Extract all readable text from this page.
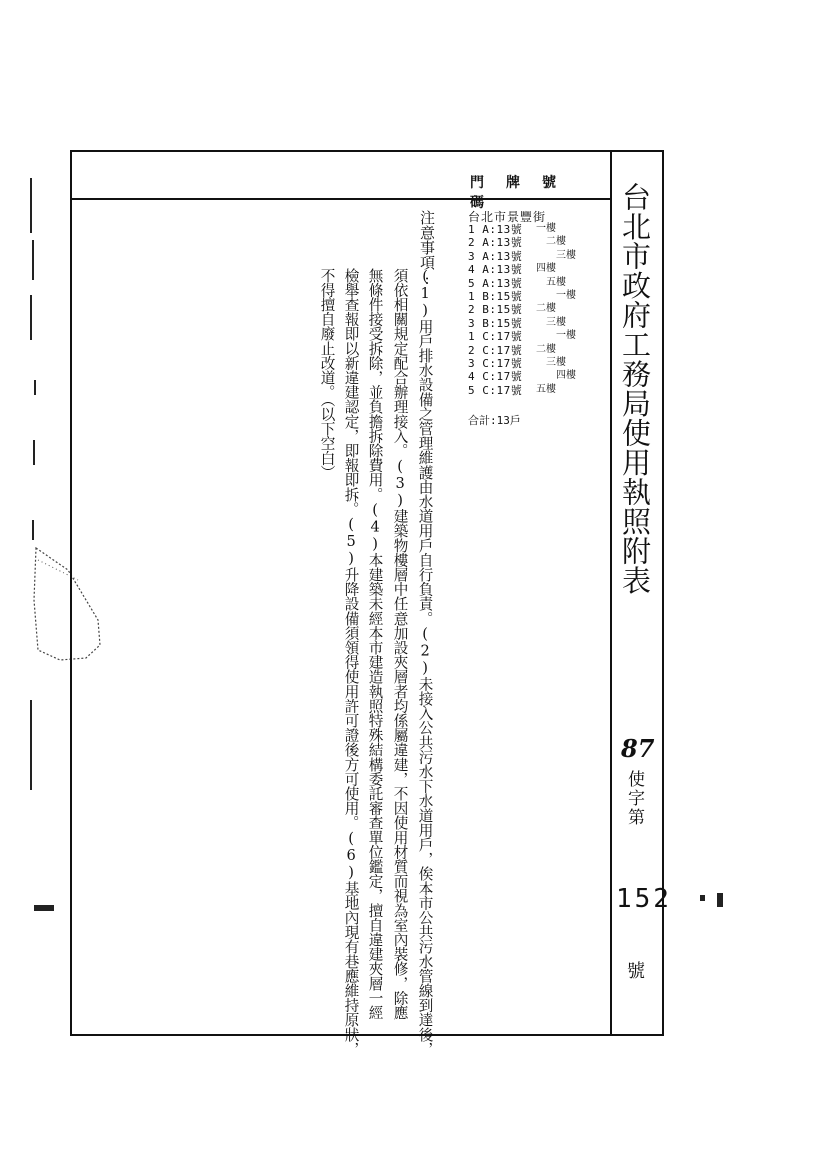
門牌號碼
台北市景豐街
1 A:13號
2 A:13號
3 A:13號
4 A:13號
5 A:13號
1 B:15號
2 B:15號
3 B:15號
1 C:17號
2 C:17號
3 C:17號
4 C:17號
5 C:17號
一樓
二樓
三樓
四樓
五樓
一樓
二樓
三樓
一樓
二樓
三樓
四樓
五樓
合計:13戶
注意事項:
(1)用戶排水設備之管理維護由水道用戶自行負責。(2)未接入公共污水下水道用戶，俟本市公共污水管線到達後，
須依相關規定配合辦理接入。(3)建築物樓層中任意加設夾層者均係屬違建，不因使用材質而視為室內裝修，除應
無條件接受拆除，並負擔拆除費用。(4)本建築未經本市建造執照特殊結構委託審查單位鑑定，擅自違建夾層一經
檢舉查報即以新違建認定，即報即拆。(5)升降設備須領得使用許可證後方可使用。(6)基地內現有巷應維持原狀，
不得擅自廢止改道。（以下空白）	台北市政府工務局使用執照附表
87
使字第
152
號
